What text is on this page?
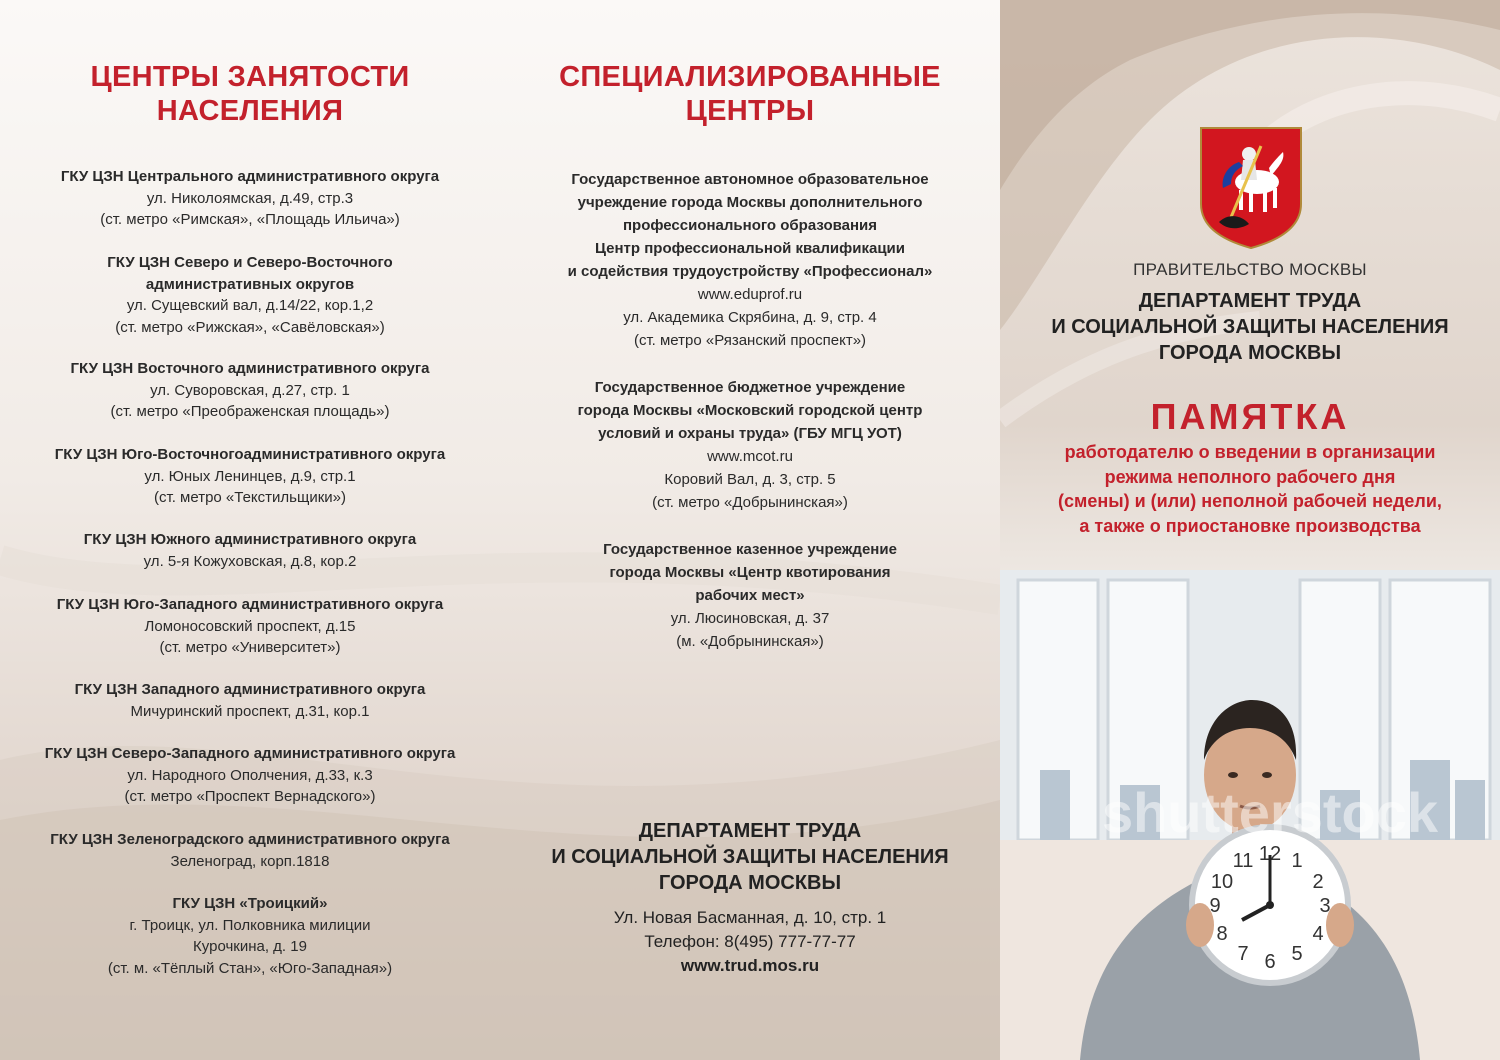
ЦЕНТРЫ ЗАНЯТОСТИ
НАСЕЛЕНИЯ
ГКУ ЦЗН Центрального административного округа
ул. Николоямская, д.49, стр.3
(ст. метро «Римская», «Площадь Ильича»)
ГКУ ЦЗН Северо и Северо-Восточного
административных округов
ул. Сущевский вал, д.14/22, кор.1,2
(ст. метро «Рижская», «Савёловская»)
ГКУ ЦЗН Восточного административного округа
ул. Суворовская, д.27, стр. 1
(ст. метро «Преображенская площадь»)
ГКУ ЦЗН Юго-Восточногоадминистративного округа
ул. Юных Ленинцев, д.9, стр.1
(ст. метро «Текстильщики»)
ГКУ ЦЗН Южного административного округа
ул. 5-я Кожуховская, д.8, кор.2
ГКУ ЦЗН Юго-Западного административного округа
Ломоносовский проспект, д.15
(ст. метро «Университет»)
ГКУ ЦЗН Западного административного округа
Мичуринский проспект, д.31, кор.1
ГКУ ЦЗН Северо-Западного административного округа
ул. Народного Ополчения, д.33, к.3
(ст. метро «Проспект Вернадского»)
ГКУ ЦЗН Зеленоградского административного округа
Зеленоград, корп.1818
ГКУ ЦЗН «Троицкий»
г. Троицк, ул. Полковника милиции
Курочкина, д. 19
(ст. м. «Тёплый Стан», «Юго-Западная»)
СПЕЦИАЛИЗИРОВАННЫЕ
ЦЕНТРЫ
Государственное автономное образовательное
учреждение города Москвы дополнительного
профессионального образования
Центр профессиональной квалификации
и содействия трудоустройству «Профессионал»
www.eduprof.ru
ул. Академика Скрябина, д. 9, стр. 4
(ст. метро «Рязанский проспект»)
Государственное бюджетное учреждение
города Москвы «Московский городской центр
условий и охраны труда» (ГБУ МГЦ УОТ)
www.mcot.ru
Коровий Вал, д. 3, стр. 5
(ст. метро «Добрынинская»)
Государственное казенное учреждение
города Москвы «Центр квотирования
рабочих мест»
ул. Люсиновская, д. 37
(м. «Добрынинская»)
ДЕПАРТАМЕНТ ТРУДА
И СОЦИАЛЬНОЙ ЗАЩИТЫ НАСЕЛЕНИЯ
ГОРОДА МОСКВЫ
Ул. Новая Басманная, д. 10, стр. 1
Телефон: 8(495) 777-77-77
www.trud.mos.ru
ПРАВИТЕЛЬСТВО МОСКВЫ
ДЕПАРТАМЕНТ ТРУДА
И СОЦИАЛЬНОЙ ЗАЩИТЫ НАСЕЛЕНИЯ
ГОРОДА МОСКВЫ
ПАМЯТКА
работодателю о введении в организации
режима неполного рабочего дня
(смены) и (или) неполной рабочей недели,
а также о приостановке производства
12 1
2
3
4
5
6
7
8
9
10
11
shutterstock
